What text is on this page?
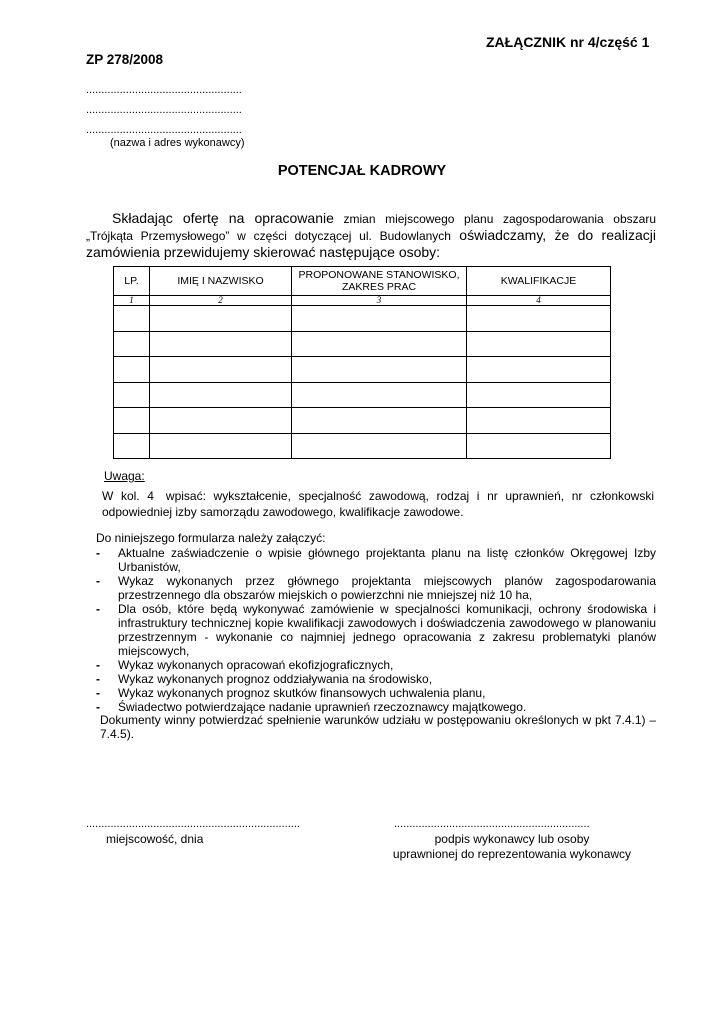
ZAŁĄCZNIK nr 4/część 1
ZP 278/2008
...................................................
...................................................
...................................................
(nazwa i adres wykonawcy)
POTENCJAŁ KADROWY
Składając ofertę na opracowanie zmian miejscowego planu zagospodarowania obszaru „Trójkąta Przemysłowego” w części dotyczącej ul. Budowlanych oświadczamy, że do realizacji zamówienia przewidujemy skierować następujące osoby:
LP.	IMIĘ I NAZWISKO	PROPONOWANE STANOWISKO, ZAKRES PRAC	KWALIFIKACJE
1	2	3	4

Uwaga:
W kol. 4 wpisać: wykształcenie, specjalność zawodową, rodzaj i nr uprawnień, nr członkowski odpowiedniej izby samorządu zawodowego, kwalifikacje zawodowe.
Do niniejszego formularza należy załączyć:
- Aktualne zaświadczenie o wpisie głównego projektanta planu na listę członków Okręgowej Izby Urbanistów,
- Wykaz wykonanych przez głównego projektanta miejscowych planów zagospodarowania przestrzennego dla obszarów miejskich o powierzchni nie mniejszej niż 10 ha,
- Dla osób, które będą wykonywać zamówienie w specjalności komunikacji, ochrony środowiska i infrastruktury technicznej kopie kwalifikacji zawodowych i doświadczenia zawodowego w planowaniu przestrzennym - wykonanie co najmniej jednego opracowania z zakresu problematyki planów miejscowych,
- Wykaz wykonanych opracowań ekofizjograficznych,
- Wykaz wykonanych prognoz oddziaływania na środowisko,
- Wykaz wykonanych prognoz skutków finansowych uchwalenia planu,
- Świadectwo potwierdzające nadanie uprawnień rzeczoznawcy majątkowego.
Dokumenty winny potwierdzać spełnienie warunków udziału w postępowaniu określonych w pkt 7.4.1) – 7.4.5).
......................................................................
miejscowość, dnia
................................................................
podpis wykonawcy lub osoby
uprawnionej do reprezentowania wykonawcy
